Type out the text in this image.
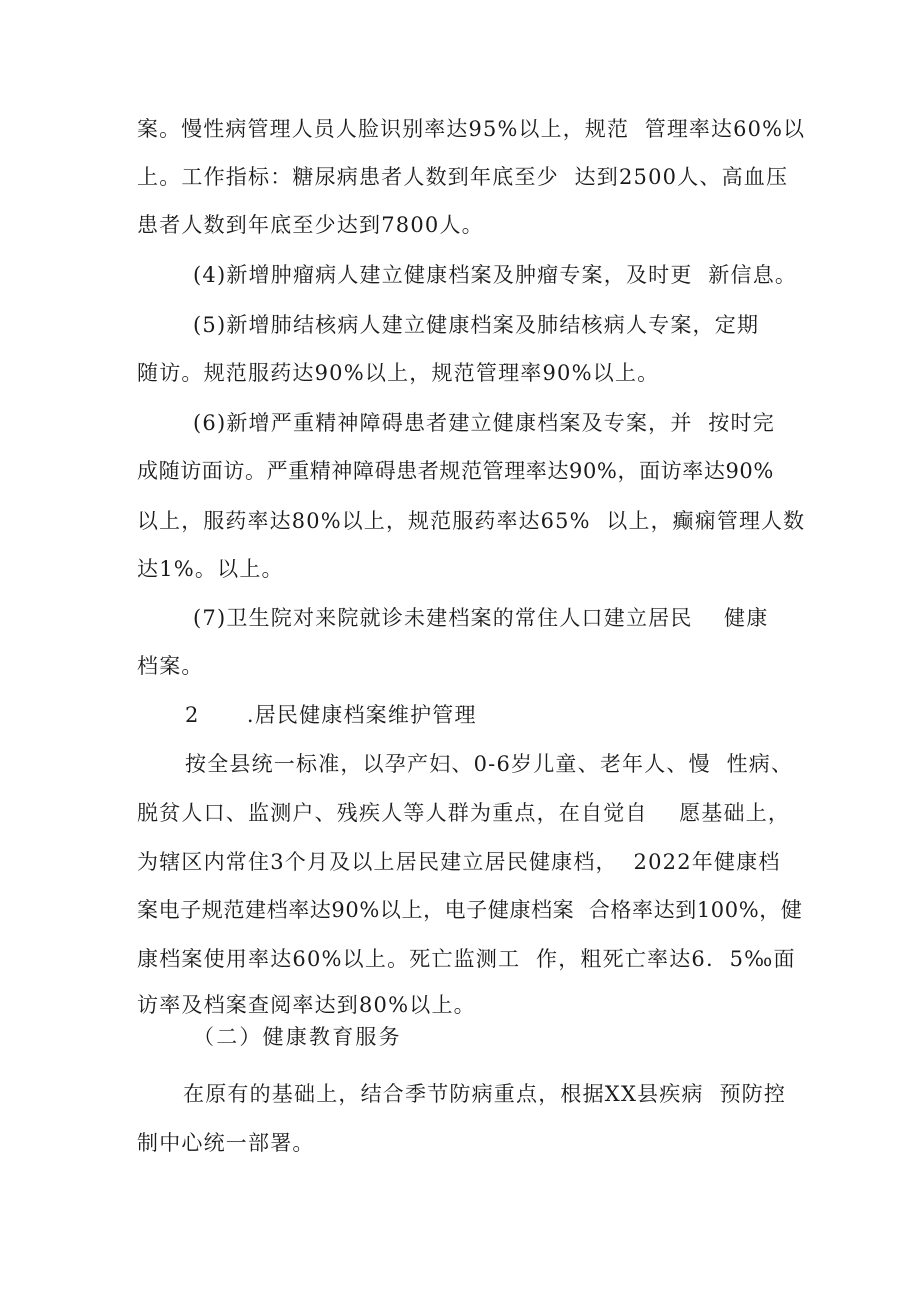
案。慢性病管理人员人脸识别率达95%以上，规范  管理率达60%以
上。工作指标：糖尿病患者人数到年底至少  达到2500人、高血压
患者人数到年底至少达到7800人。
(4)新增肿瘤病人建立健康档案及肿瘤专案，及时更  新信息。
(5)新增肺结核病人建立健康档案及肺结核病人专案，定期
随访。规范服药达90%以上，规范管理率90%以上。
(6)新增严重精神障碍患者建立健康档案及专案，并  按时完
成随访面访。严重精神障碍患者规范管理率达90%，面访率达90%
以上，服药率达80%以上，规范服药率达65%  以上，癫痫管理人数
达1%。以上。
(7)卫生院对来院就诊未建档案的常住人口建立居民    健康
档案。
2      .居民健康档案维护管理
按全县统一标准，以孕产妇、0-6岁儿童、老年人、慢  性病、
脱贫人口、监测户、残疾人等人群为重点，在自觉自    愿基础上，
为辖区内常住3个月及以上居民建立居民健康档，  2022年健康档
案电子规范建档率达90%以上，电子健康档案  合格率达到100%，健
康档案使用率达60%以上。死亡监测工  作，粗死亡率达6.  5‰面
访率及档案查阅率达到80%以上。
（二）健康教育服务
在原有的基础上，结合季节防病重点，根据XX县疾病  预防控
制中心统一部署。
